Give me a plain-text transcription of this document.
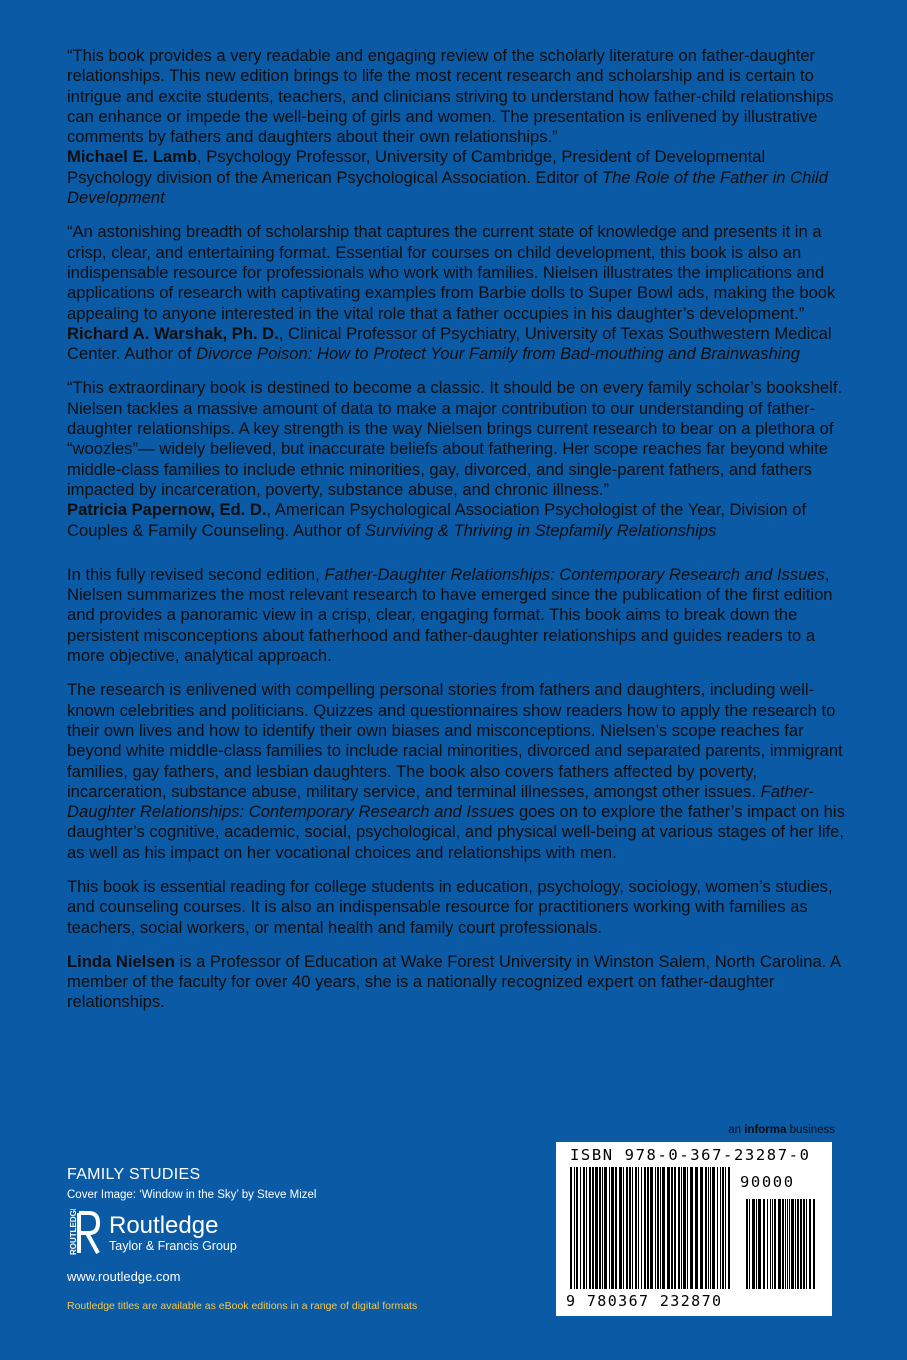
“This book provides a very readable and engaging review of the scholarly literature on father-daughter relationships. This new edition brings to life the most recent research and scholarship and is certain to intrigue and excite students, teachers, and clinicians striving to understand how father-child relationships can enhance or impede the well-being of girls and women. The presentation is enlivened by illustrative comments by fathers and daughters about their own relationships.”

Michael E. Lamb, Psychology Professor, University of Cambridge, President of Developmental Psychology division of the American Psychological Association. Editor of The Role of the Father in Child Development

“An astonishing breadth of scholarship that captures the current state of knowledge and presents it in a crisp, clear, and entertaining format. Essential for courses on child development, this book is also an indispensable resource for professionals who work with families. Nielsen illustrates the implications and applications of research with captivating examples from Barbie dolls to Super Bowl ads, making the book appealing to anyone interested in the vital role that a father occupies in his daughter’s development.”

Richard A. Warshak, Ph. D., Clinical Professor of Psychiatry, University of Texas Southwestern Medical Center. Author of Divorce Poison: How to Protect Your Family from Bad-mouthing and Brainwashing

“This extraordinary book is destined to become a classic. It should be on every family scholar’s bookshelf. Nielsen tackles a massive amount of data to make a major contribution to our understanding of father-daughter relationships. A key strength is the way Nielsen brings current research to bear on a plethora of “woozles”— widely believed, but inaccurate beliefs about fathering. Her scope reaches far beyond white middle-class families to include ethnic minorities, gay, divorced, and single-parent fathers, and fathers impacted by incarceration, poverty, substance abuse, and chronic illness.”

Patricia Papernow, Ed. D., American Psychological Association Psychologist of the Year, Division of Couples & Family Counseling. Author of Surviving & Thriving in Stepfamily Relationships

In this fully revised second edition, Father-Daughter Relationships: Contemporary Research and Issues, Nielsen summarizes the most relevant research to have emerged since the publication of the first edition and provides a panoramic view in a crisp, clear, engaging format. This book aims to break down the persistent misconceptions about fatherhood and father-daughter relationships and guides readers to a more objective, analytical approach.

The research is enlivened with compelling personal stories from fathers and daughters, including well-known celebrities and politicians. Quizzes and questionnaires show readers how to apply the research to their own lives and how to identify their own biases and misconceptions. Nielsen’s scope reaches far beyond white middle-class families to include racial minorities, divorced and separated parents, immigrant families, gay fathers, and lesbian daughters. The book also covers fathers affected by poverty, incarceration, substance abuse, military service, and terminal illnesses, amongst other issues. Father-Daughter Relationships: Contemporary Research and Issues goes on to explore the father’s impact on his daughter’s cognitive, academic, social, psychological, and physical well-being at various stages of her life, as well as his impact on her vocational choices and relationships with men.

This book is essential reading for college students in education, psychology, sociology, women’s studies, and counseling courses. It is also an indispensable resource for practitioners working with families as teachers, social workers, or mental health and family court professionals.

Linda Nielsen is a Professor of Education at Wake Forest University in Winston Salem, North Carolina. A member of the faculty for over 40 years, she is a nationally recognized expert on father-daughter relationships.

an informa business
FAMILY STUDIES
Cover Image: ‘Window in the Sky’ by Steve Mizel
ROUTLEDGE Routledge
Taylor & Francis Group
www.routledge.com
Routledge titles are available as eBook editions in a range of digital formats
ISBN 978-0-367-23287-0
90000
9 780367 232870
